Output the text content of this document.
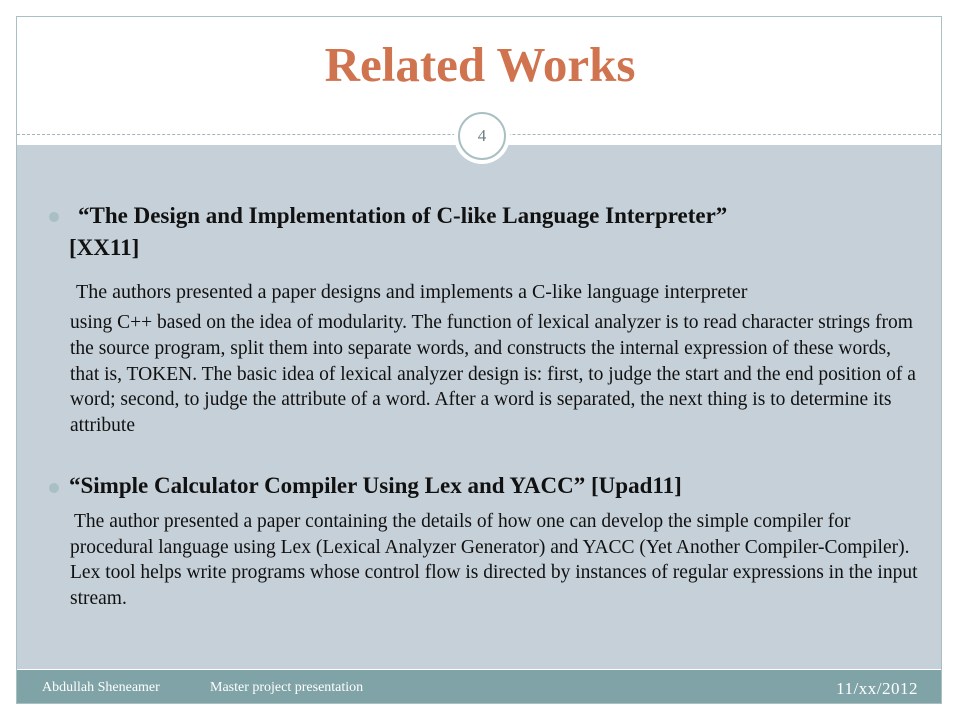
Related Works
4
“The Design and Implementation of C-like Language Interpreter”
[XX11]
The authors presented a paper designs and implements a C-like language interpreter
using C++ based on the idea of modularity. The function of lexical analyzer is to read character strings from the source program, split them into separate words, and constructs the internal expression of these words, that is, TOKEN. The basic idea of lexical analyzer design is: first, to judge the start and the end position of a word; second, to judge the attribute of a word. After a word is separated, the next thing is to determine its attribute
“Simple Calculator Compiler Using Lex and YACC” [Upad11]
The author presented a paper containing the details of how one can develop the simple compiler for procedural language using Lex (Lexical Analyzer Generator) and YACC (Yet Another Compiler-Compiler). Lex tool helps write programs whose control flow is directed by instances of regular expressions in the input stream.
Abdullah Sheneamer	Master project presentation	11/xx/2012
